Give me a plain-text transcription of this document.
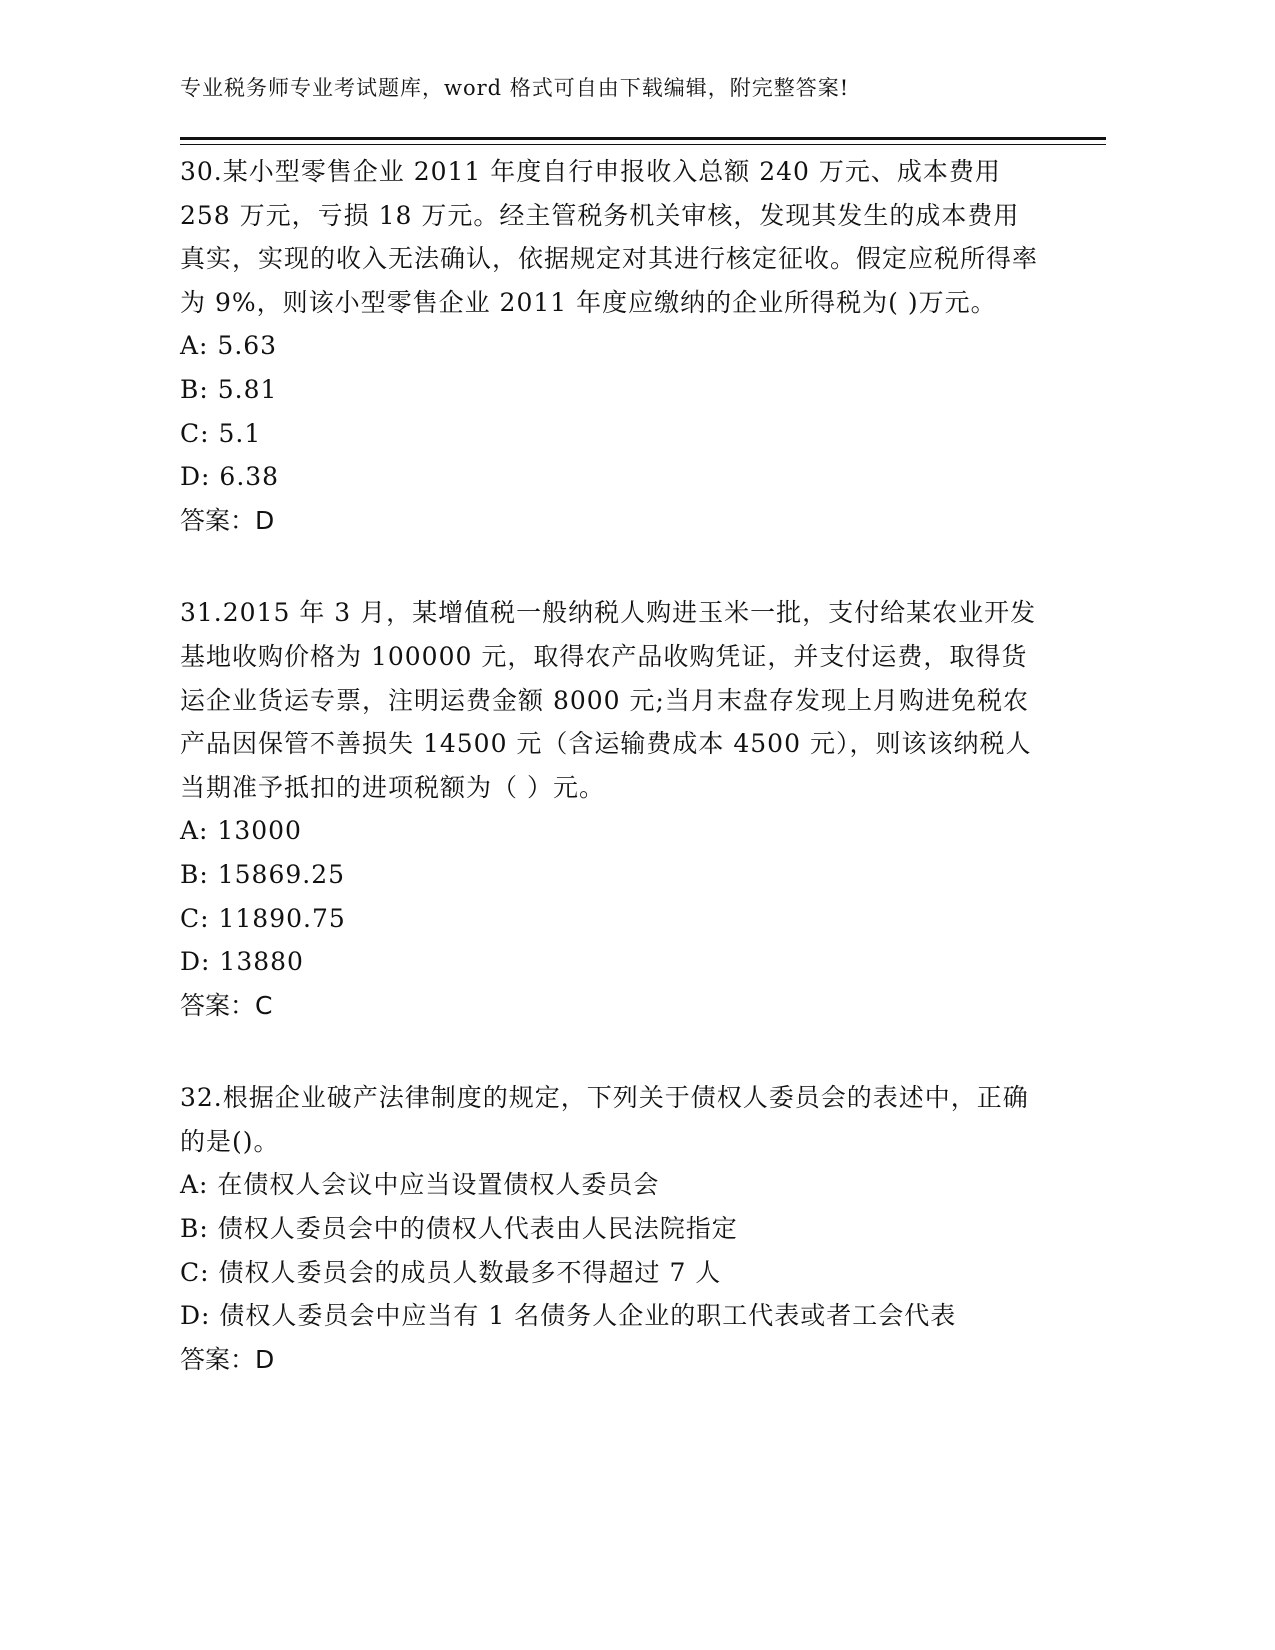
专业税务师专业考试题库，word 格式可自由下载编辑，附完整答案!

30.某小型零售企业 2011 年度自行申报收入总额 240 万元、成本费用 258 万元，亏损 18 万元。经主管税务机关审核，发现其发生的成本费用真实，实现的收入无法确认，依据规定对其进行核定征收。假定应税所得率为 9%，则该小型零售企业 2011 年度应缴纳的企业所得税为( )万元。

A: 5.63

B: 5.81

C: 5.1

D: 6.38

答案：D

31.2015 年 3 月，某增值税一般纳税人购进玉米一批，支付给某农业开发基地收购价格为 100000 元，取得农产品收购凭证，并支付运费，取得货运企业货运专票，注明运费金额 8000 元;当月末盘存发现上月购进免税农产品因保管不善损失 14500 元（含运输费成本 4500 元），则该该纳税人当期准予抵扣的进项税额为（ ）元。

A: 13000

B: 15869.25

C: 11890.75

D: 13880

答案：C

32.根据企业破产法律制度的规定，下列关于债权人委员会的表述中，正确的是()。

A: 在债权人会议中应当设置债权人委员会

B: 债权人委员会中的债权人代表由人民法院指定

C: 债权人委员会的成员人数最多不得超过 7 人

D: 债权人委员会中应当有 1 名债务人企业的职工代表或者工会代表

答案：D
